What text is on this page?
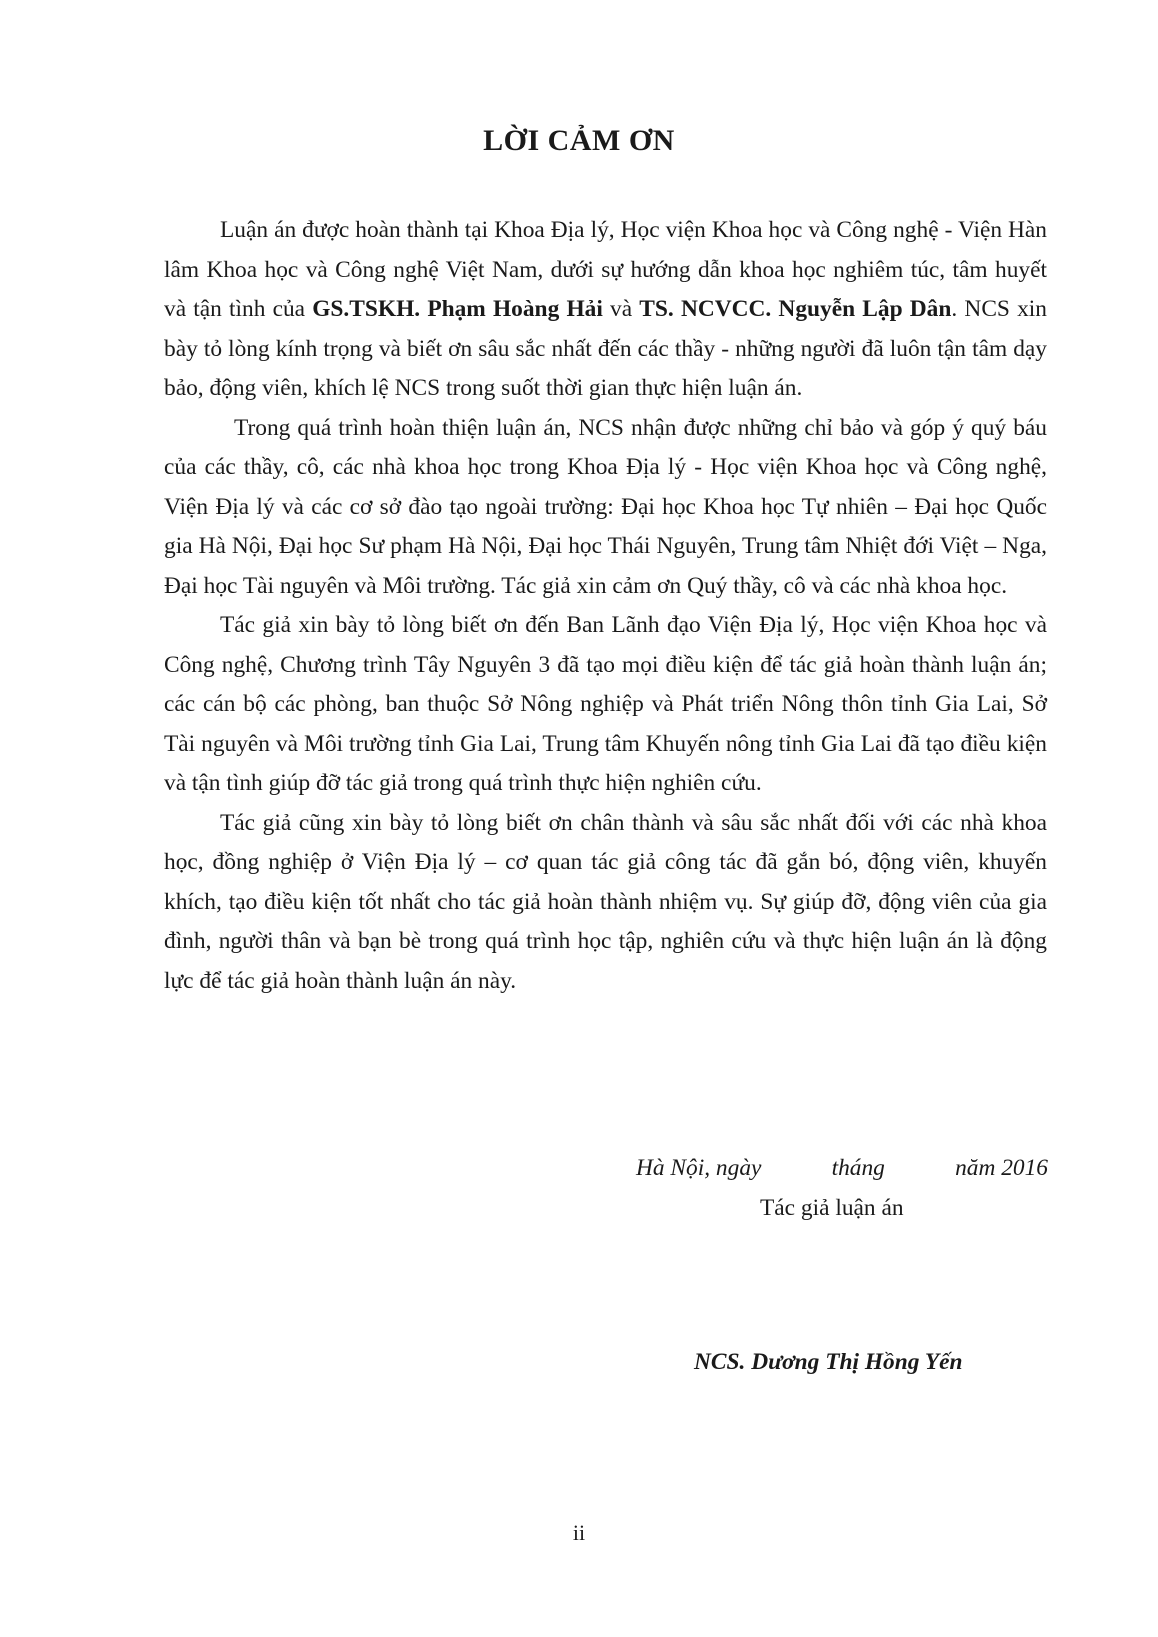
LỜI CẢM ƠN

Luận án được hoàn thành tại Khoa Địa lý, Học viện Khoa học và Công nghệ - Viện Hàn lâm Khoa học và Công nghệ Việt Nam, dưới sự hướng dẫn khoa học nghiêm túc, tâm huyết và tận tình của GS.TSKH. Phạm Hoàng Hải và TS. NCVCC. Nguyễn Lập Dân. NCS xin bày tỏ lòng kính trọng và biết ơn sâu sắc nhất đến các thầy - những người đã luôn tận tâm dạy bảo, động viên, khích lệ NCS trong suốt thời gian thực hiện luận án.

Trong quá trình hoàn thiện luận án, NCS nhận được những chỉ bảo và góp ý quý báu của các thầy, cô, các nhà khoa học trong Khoa Địa lý - Học viện Khoa học và Công nghệ, Viện Địa lý và các cơ sở đào tạo ngoài trường: Đại học Khoa học Tự nhiên – Đại học Quốc gia Hà Nội, Đại học Sư phạm Hà Nội, Đại học Thái Nguyên, Trung tâm Nhiệt đới Việt – Nga, Đại học Tài nguyên và Môi trường. Tác giả xin cảm ơn Quý thầy, cô và các nhà khoa học.

Tác giả xin bày tỏ lòng biết ơn đến Ban Lãnh đạo Viện Địa lý, Học viện Khoa học và Công nghệ, Chương trình Tây Nguyên 3 đã tạo mọi điều kiện để tác giả hoàn thành luận án; các cán bộ các phòng, ban thuộc Sở Nông nghiệp và Phát triển Nông thôn tỉnh Gia Lai, Sở Tài nguyên và Môi trường tỉnh Gia Lai, Trung tâm Khuyến nông tỉnh Gia Lai đã tạo điều kiện và tận tình giúp đỡ tác giả trong quá trình thực hiện nghiên cứu.

Tác giả cũng xin bày tỏ lòng biết ơn chân thành và sâu sắc nhất đối với các nhà khoa học, đồng nghiệp ở Viện Địa lý – cơ quan tác giả công tác đã gắn bó, động viên, khuyến khích, tạo điều kiện tốt nhất cho tác giả hoàn thành nhiệm vụ. Sự giúp đỡ, động viên của gia đình, người thân và bạn bè trong quá trình học tập, nghiên cứu và thực hiện luận án là động lực để tác giả hoàn thành luận án này.

Hà Nội, ngày	tháng	năm 2016
Tác giả luận án
NCS. Dương Thị Hồng Yến
ii
